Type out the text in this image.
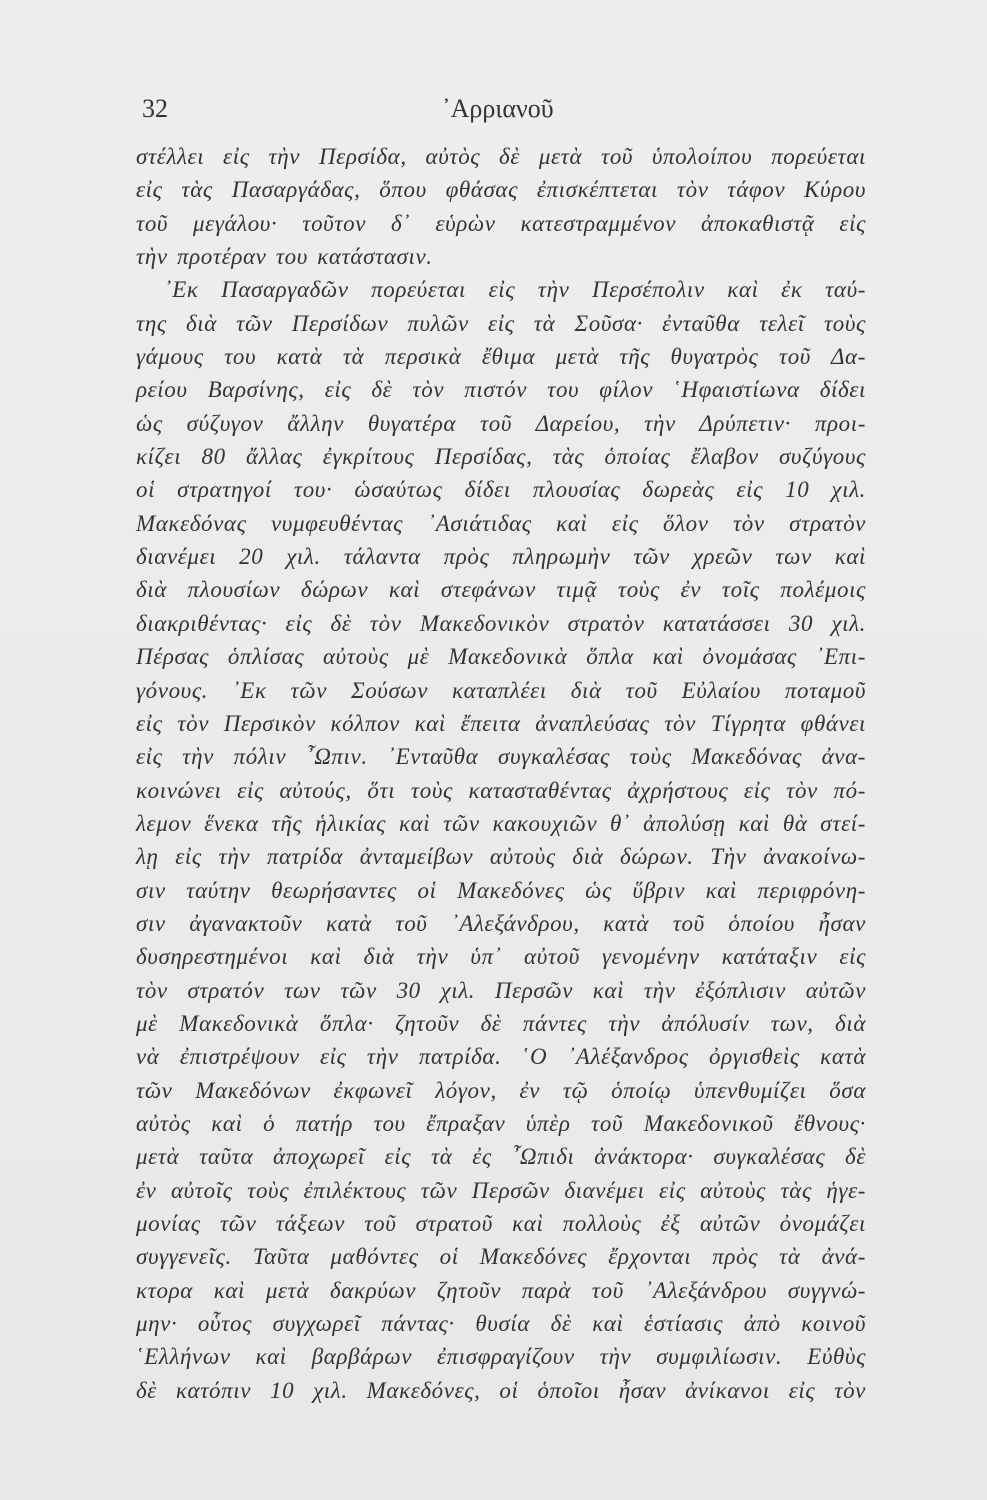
32	᾿Αρριανοῦ
στέλλει εἰς τὴν Περσίδα, αὐτὸς δὲ μετὰ τοῦ ὑπολοίπου πορεύεται
εἰς τὰς Πασαργάδας, ὅπου φθάσας ἐπισκέπτεται τὸν τάφον Κύρου
τοῦ μεγάλου· τοῦτον δ᾿ εὑρὼν κατεστραμμένον ἀποκαθιστᾷ εἰς
τὴν προτέραν του κατάστασιν.
᾿Εκ Πασαργαδῶν πορεύεται εἰς τὴν Περσέπολιν καὶ ἐκ ταύ-
της διὰ τῶν Περσίδων πυλῶν εἰς τὰ Σοῦσα· ἐνταῦθα τελεῖ τοὺς
γάμους του κατὰ τὰ περσικὰ ἔθιμα μετὰ τῆς θυγατρὸς τοῦ Δα-
ρείου Βαρσίνης, εἰς δὲ τὸν πιστόν του φίλον ῾Ηφαιστίωνα δίδει
ὡς σύζυγον ἄλλην θυγατέρα τοῦ Δαρείου, τὴν Δρύπετιν· προι-
κίζει 80 ἄλλας ἐγκρίτους Περσίδας, τὰς ὁποίας ἔλαβον συζύγους
οἱ στρατηγοί του· ὡσαύτως δίδει πλουσίας δωρεὰς εἰς 10 χιλ.
Μακεδόνας νυμφευθέντας ᾿Ασιάτιδας καὶ εἰς ὅλον τὸν στρατὸν
διανέμει 20 χιλ. τάλαντα πρὸς πληρωμὴν τῶν χρεῶν των καὶ
διὰ πλουσίων δώρων καὶ στεφάνων τιμᾷ τοὺς ἐν τοῖς πολέμοις
διακριθέντας· εἰς δὲ τὸν Μακεδονικὸν στρατὸν κατατάσσει 30 χιλ.
Πέρσας ὁπλίσας αὐτοὺς μὲ Μακεδονικὰ ὅπλα καὶ ὀνομάσας ᾿Επι-
γόνους. ᾿Εκ τῶν Σούσων καταπλέει διὰ τοῦ Εὐλαίου ποταμοῦ
εἰς τὸν Περσικὸν κόλπον καὶ ἔπειτα ἀναπλεύσας τὸν Τίγρητα φθάνει
εἰς τὴν πόλιν ῏Ωπιν. ᾿Ενταῦθα συγκαλέσας τοὺς Μακεδόνας ἀνα-
κοινώνει εἰς αὐτούς, ὅτι τοὺς κατασταθέντας ἀχρήστους εἰς τὸν πό-
λεμον ἕνεκα τῆς ἡλικίας καὶ τῶν κακουχιῶν θ᾿ ἀπολύσῃ καὶ θὰ στεί-
λῃ εἰς τὴν πατρίδα ἀνταμείβων αὐτοὺς διὰ δώρων. Τὴν ἀνακοίνω-
σιν ταύτην θεωρήσαντες οἱ Μακεδόνες ὡς ὕβριν καὶ περιφρόνη-
σιν ἀγανακτοῦν κατὰ τοῦ ᾿Αλεξάνδρου, κατὰ τοῦ ὁποίου ἦσαν
δυσηρεστημένοι καὶ διὰ τὴν ὑπ᾿ αὐτοῦ γενομένην κατάταξιν εἰς
τὸν στρατόν των τῶν 30 χιλ. Περσῶν καὶ τὴν ἐξόπλισιν αὐτῶν
μὲ Μακεδονικὰ ὅπλα· ζητοῦν δὲ πάντες τὴν ἀπόλυσίν των, διὰ
νὰ ἐπιστρέψουν εἰς τὴν πατρίδα. ῾Ο ᾿Αλέξανδρος ὀργισθεὶς κατὰ
τῶν Μακεδόνων ἐκφωνεῖ λόγον, ἐν τῷ ὁποίῳ ὑπενθυμίζει ὅσα
αὐτὸς καὶ ὁ πατήρ του ἔπραξαν ὑπὲρ τοῦ Μακεδονικοῦ ἔθνους·
μετὰ ταῦτα ἀποχωρεῖ εἰς τὰ ἐς ῏Ωπιδι ἀνάκτορα· συγκαλέσας δὲ
ἐν αὐτοῖς τοὺς ἐπιλέκτους τῶν Περσῶν διανέμει εἰς αὐτοὺς τὰς ἡγε-
μονίας τῶν τάξεων τοῦ στρατοῦ καὶ πολλοὺς ἐξ αὐτῶν ὀνομάζει
συγγενεῖς. Ταῦτα μαθόντες οἱ Μακεδόνες ἔρχονται πρὸς τὰ ἀνά-
κτορα καὶ μετὰ δακρύων ζητοῦν παρὰ τοῦ ᾿Αλεξάνδρου συγγνώ-
μην· οὗτος συγχωρεῖ πάντας· θυσία δὲ καὶ ἑστίασις ἀπὸ κοινοῦ
῾Ελλήνων καὶ βαρβάρων ἐπισφραγίζουν τὴν συμφιλίωσιν. Εὐθὺς
δὲ κατόπιν 10 χιλ. Μακεδόνες, οἱ ὁποῖοι ἦσαν ἀνίκανοι εἰς τὸν
